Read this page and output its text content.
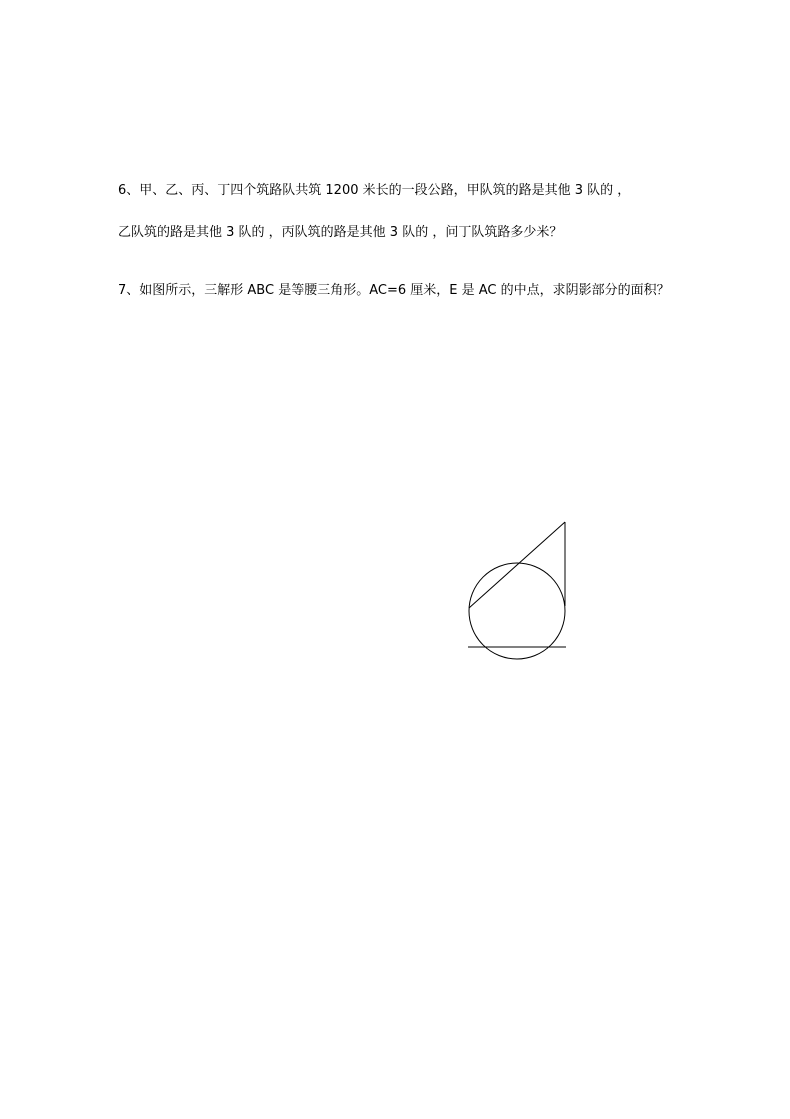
6、甲、乙、丙、丁四个筑路队共筑 1200 米长的一段公路，甲队筑的路是其他 3 队的 ，
乙队筑的路是其他 3 队的 ，丙队筑的路是其他 3 队的 ，问丁队筑路多少米？
7、如图所示，三解形 ABC 是等腰三角形。AC=6 厘米，E 是 AC 的中点，求阴影部分的面积？
